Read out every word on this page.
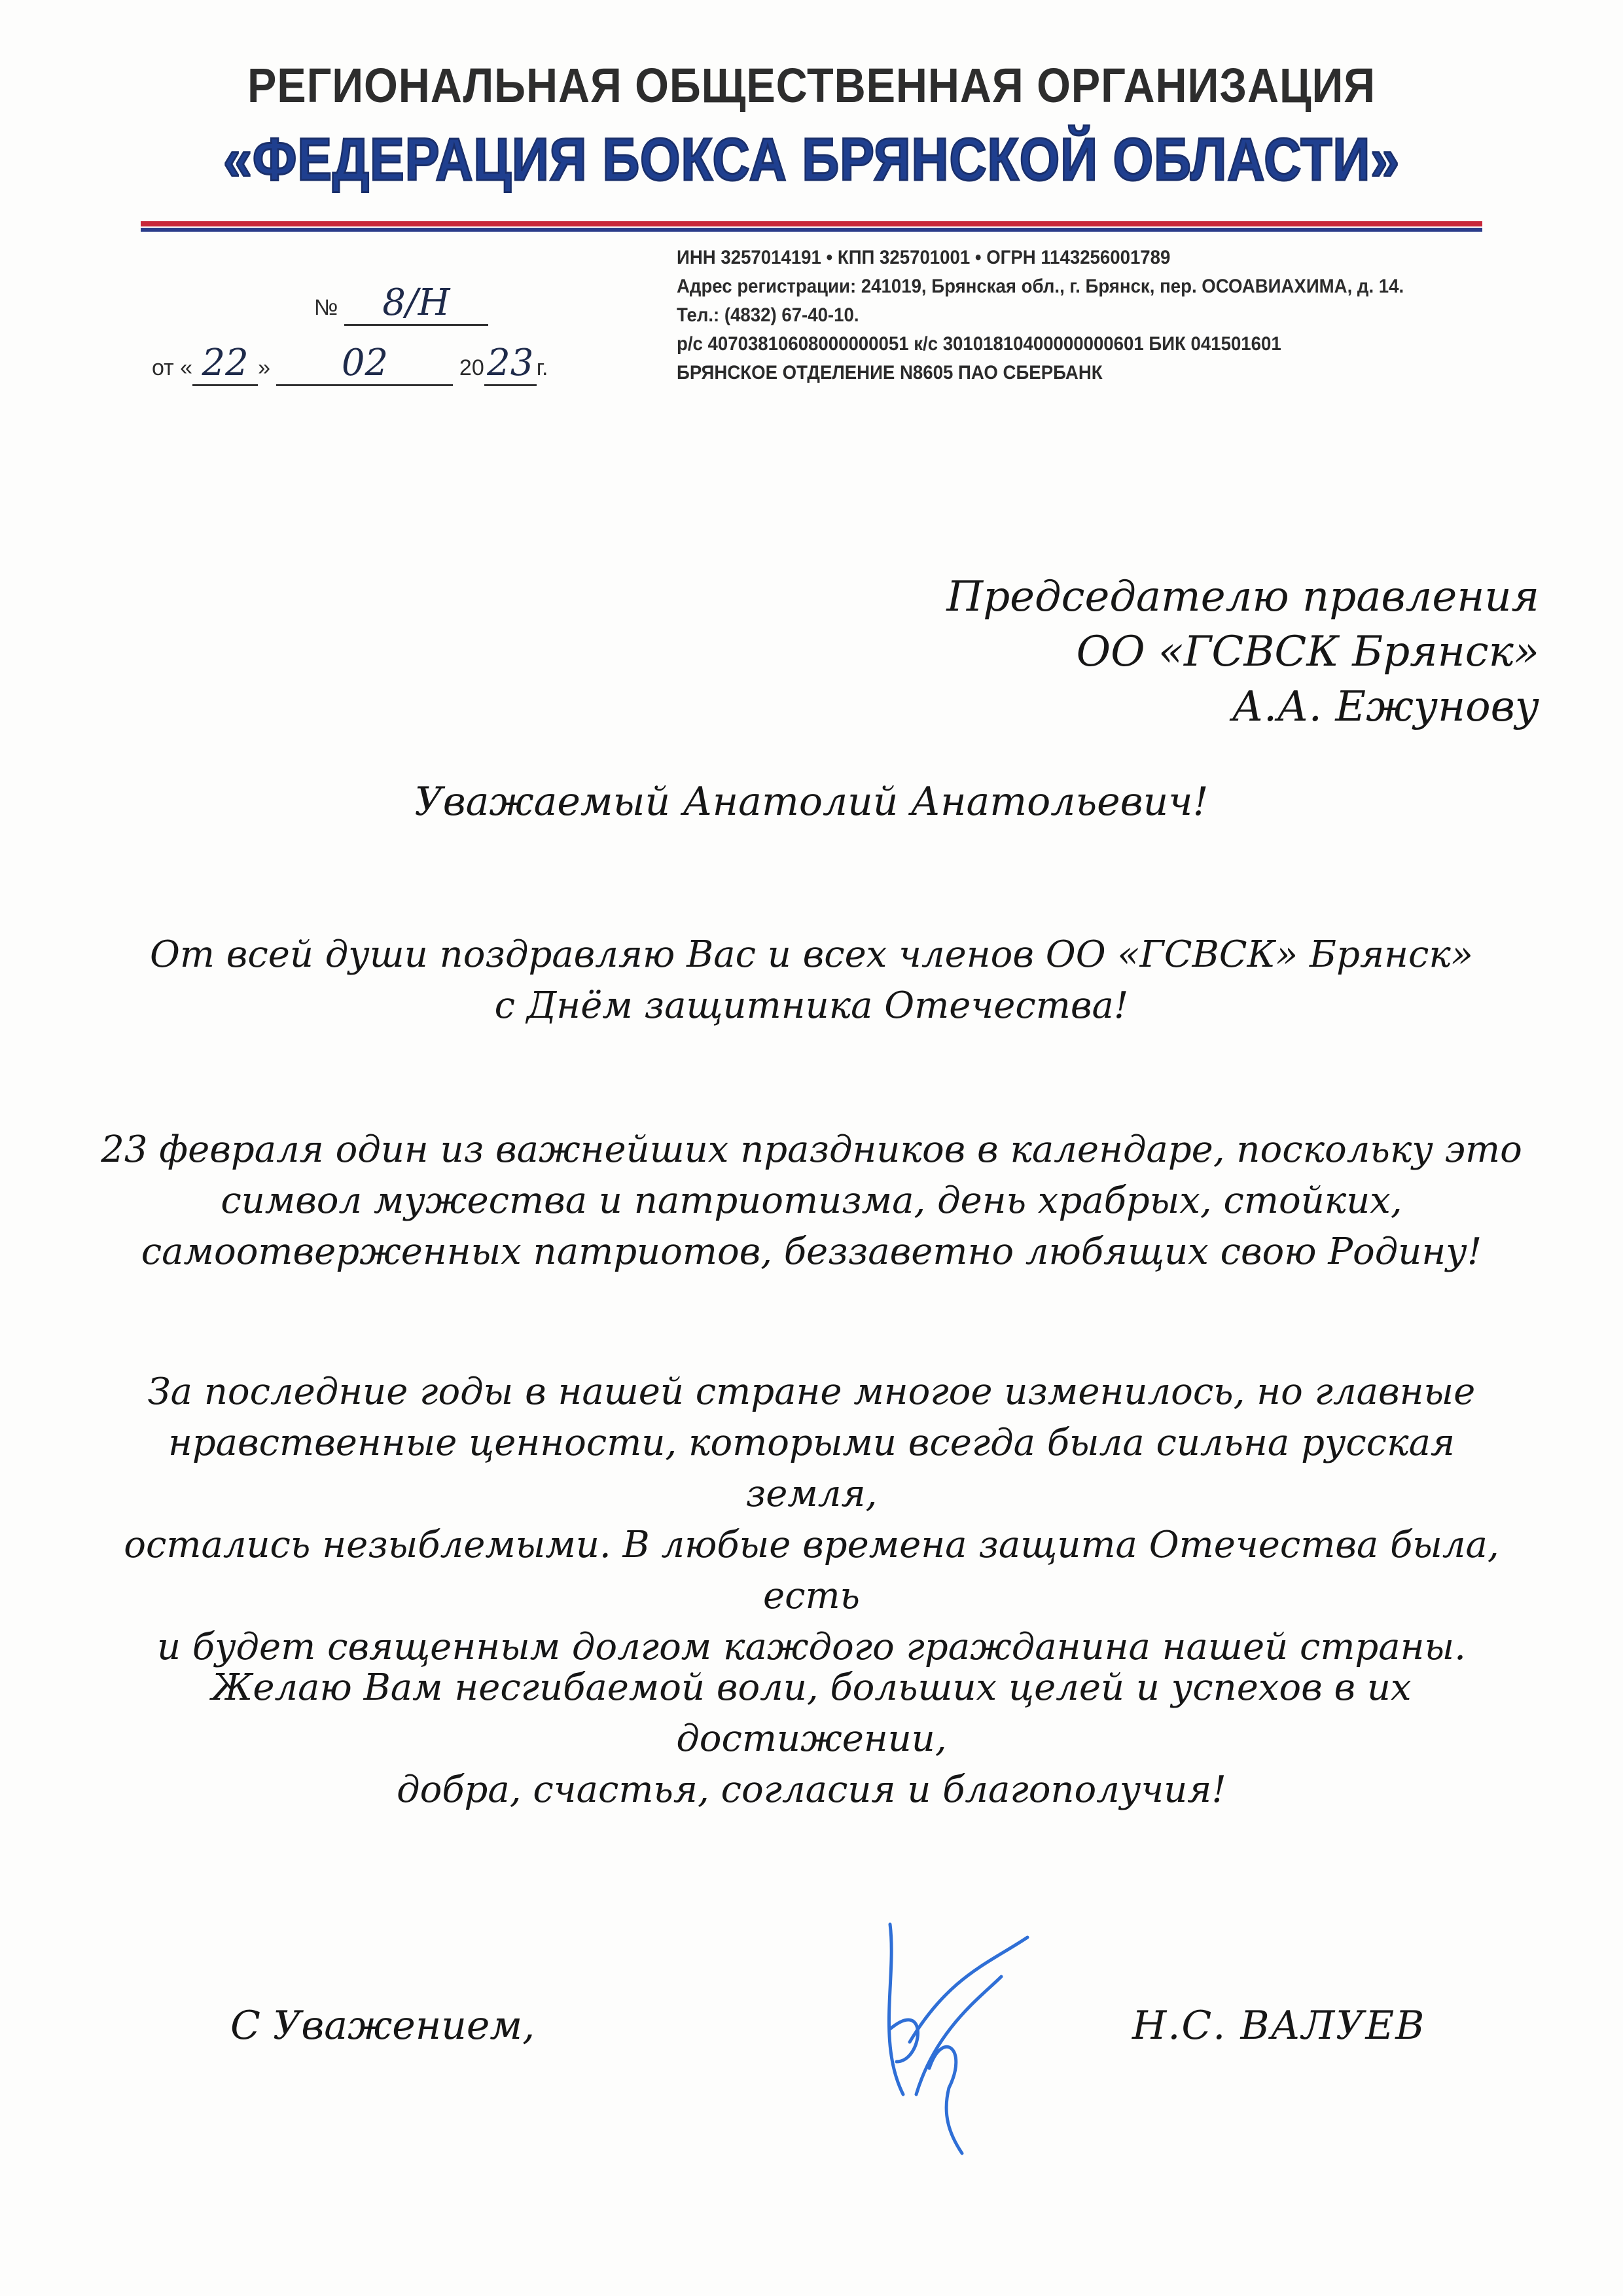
РЕГИОНАЛЬНАЯ ОБЩЕСТВЕННАЯ ОРГАНИЗАЦИЯ
«ФЕДЕРАЦИЯ БОКСА БРЯНСКОЙ ОБЛАСТИ»
ИНН 3257014191 • КПП 325701001 • ОГРН 1143256001789
Адрес регистрации: 241019, Брянская обл., г. Брянск, пер. ОСОАВИАХИМА, д. 14.
Тел.: (4832) 67-40-10.
р/с 40703810608000000051 к/с 30101810400000000601 БИК 041501601
БРЯНСКОЕ ОТДЕЛЕНИЕ N8605 ПАО СБЕРБАНК
№ 8/Н
от « 22 » 02	2023 г.
Председателю правления
ОО «ГСВСК Брянск»
А.А. Ежунову
Уважаемый Анатолий Анатольевич!
От всей души поздравляю Вас и всех членов ОО «ГСВСК» Брянск»
с Днём защитника Отечества!
23 февраля один из важнейших праздников в календаре, поскольку это
символ мужества и патриотизма, день храбрых, стойких,
самоотверженных патриотов, беззаветно любящих свою Родину!
За последние годы в нашей стране многое изменилось, но главные
нравственные ценности, которыми всегда была сильна русская земля,
остались незыблемыми. В любые времена защита Отечества была, есть
и будет священным долгом каждого гражданина нашей страны.
Желаю Вам несгибаемой воли, больших целей и успехов в их достижении,
добра, счастья, согласия и благополучия!
С Уважением,	Н.С. ВАЛУЕВ
